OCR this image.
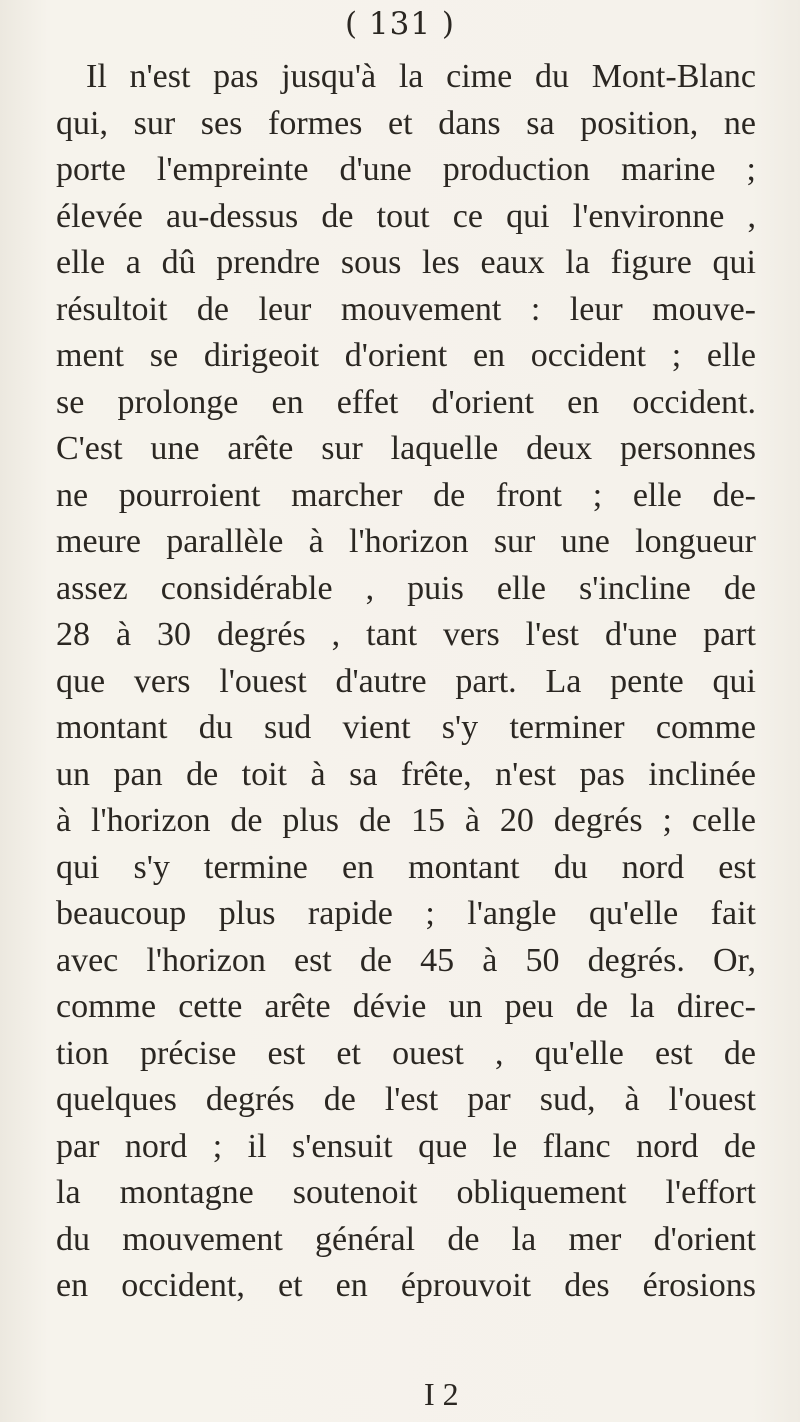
( 131 )
Il n'est pas jusqu'à la cime du Mont-Blanc
qui, sur ses formes et dans sa position, ne
porte l'empreinte d'une production marine ;
élevée au-dessus de tout ce qui l'environne ,
elle a dû prendre sous les eaux la figure qui
résultoit de leur mouvement : leur mouve-
ment se dirigeoit d'orient en occident ; elle
se prolonge en effet d'orient en occident.
C'est une arête sur laquelle deux personnes
ne pourroient marcher de front ; elle de-
meure parallèle à l'horizon sur une longueur
assez considérable , puis elle s'incline de
28 à 30 degrés , tant vers l'est d'une part
que vers l'ouest d'autre part. La pente qui
montant du sud vient s'y terminer comme
un pan de toit à sa frête, n'est pas inclinée
à l'horizon de plus de 15 à 20 degrés ; celle
qui s'y termine en montant du nord est
beaucoup plus rapide ; l'angle qu'elle fait
avec l'horizon est de 45 à 50 degrés. Or,
comme cette arête dévie un peu de la direc-
tion précise est et ouest , qu'elle est de
quelques degrés de l'est par sud, à l'ouest
par nord ; il s'ensuit que le flanc nord de
la montagne soutenoit obliquement l'effort
du mouvement général de la mer d'orient
en occident, et en éprouvoit des érosions
I 2
